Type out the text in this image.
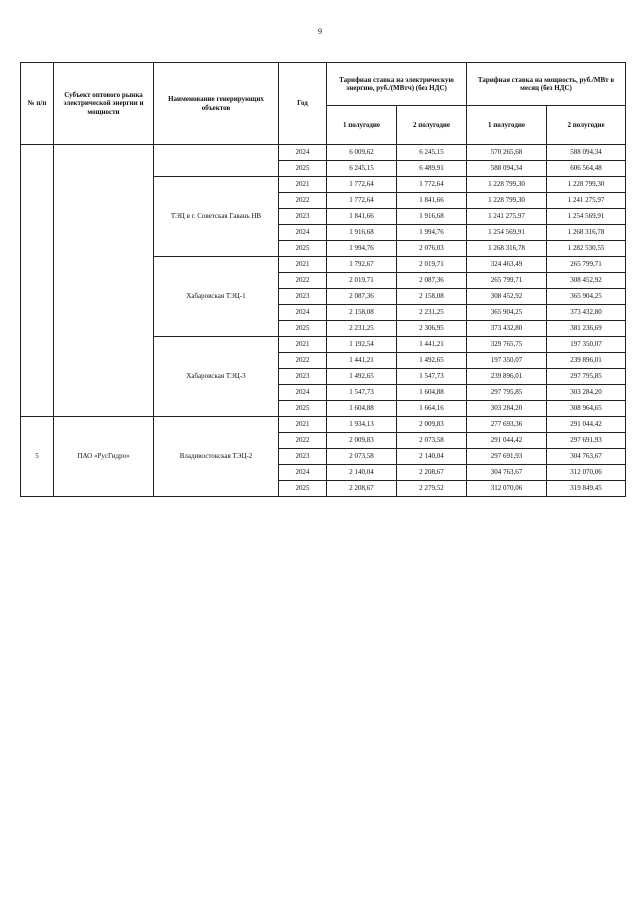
9
№ п/п	Субъект оптового рынка электрической энергии и мощности	Наименование генерирующих объектов	Год	Тарифная ставка на электрическую энергию, руб./(МВтч) (без НДС)		Тарифная ставка на мощность, руб./МВт в месяц (без НДС)	
				1 полугодие	2 полугодие	1 полугодие	2 полугодие
			2024	6 009,62	6 245,15	570 265,68	588 094,34
			2025	6 245,15	6 489,91	588 094,34	606 564,48
		ТЭЦ в г. Советская Гавань НВ	2021	1 772,64	1 772,64	1 228 799,30	1 228 799,30
			2022	1 772,64	1 841,66	1 228 799,30	1 241 275,97
			2023	1 841,66	1 916,68	1 241 275,97	1 254 569,91
			2024	1 916,68	1 994,76	1 254 569,91	1 268 316,78
			2025	1 994,76	2 076,03	1 268 316,78	1 282 530,55
		Хабаровская ТЭЦ-1	2021	1 792,67	2 019,71	324 463,49	265 799,71
			2022	2 019,71	2 087,36	265 799,71	308 452,92
			2023	2 087,36	2 158,08	308 452,92	365 904,25
			2024	2 158,08	2 231,25	365 904,25	373 432,80
			2025	2 231,25	2 306,95	373 432,80	381 236,69
		Хабаровская ТЭЦ-3	2021	1 192,54	1 441,21	329 765,75	197 350,07
			2022	1 441,21	1 492,65	197 350,07	239 896,01
			2023	1 492,65	1 547,73	239 896,01	297 795,85
			2024	1 547,73	1 604,88	297 795,85	303 284,20
			2025	1 604,88	1 664,16	303 284,20	308 964,65
5	ПАО «РусГидро»	Владивостокская ТЭЦ-2	2021	1 934,13	2 009,83	277 693,36	291 044,42
			2022	2 009,83	2 073,58	291 044,42	297 691,93
			2023	2 073,58	2 140,04	297 691,93	304 763,67
			2024	2 140,04	2 208,67	304 763,67	312 070,06
			2025	2 208,67	2 279,52	312 070,06	319 849,45
